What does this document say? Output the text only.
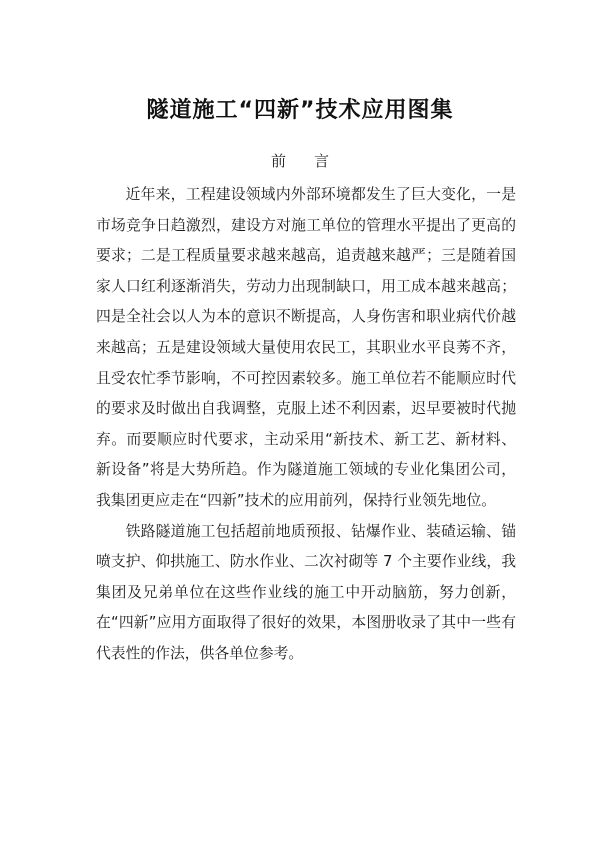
隧道施工“四新”技术应用图集
前 言

近年来，工程建设领域内外部环境都发生了巨大变化，一是市场竞争日趋激烈，建设方对施工单位的管理水平提出了更高的要求；二是工程质量要求越来越高，追责越来越严；三是随着国家人口红利逐渐消失，劳动力出现制缺口，用工成本越来越高；四是全社会以人为本的意识不断提高，人身伤害和职业病代价越来越高；五是建设领域大量使用农民工，其职业水平良莠不齐，且受农忙季节影响，不可控因素较多。施工单位若不能顺应时代的要求及时做出自我调整，克服上述不利因素，迟早要被时代抛弃。而要顺应时代要求，主动采用“新技术、新工艺、新材料、新设备”将是大势所趋。作为隧道施工领域的专业化集团公司，我集团更应走在“四新”技术的应用前列，保持行业领先地位。

铁路隧道施工包括超前地质预报、钻爆作业、装碴运输、锚喷支护、仰拱施工、防水作业、二次衬砌等 7 个主要作业线，我集团及兄弟单位在这些作业线的施工中开动脑筋，努力创新，在“四新”应用方面取得了很好的效果，本图册收录了其中一些有代表性的作法，供各单位参考。
